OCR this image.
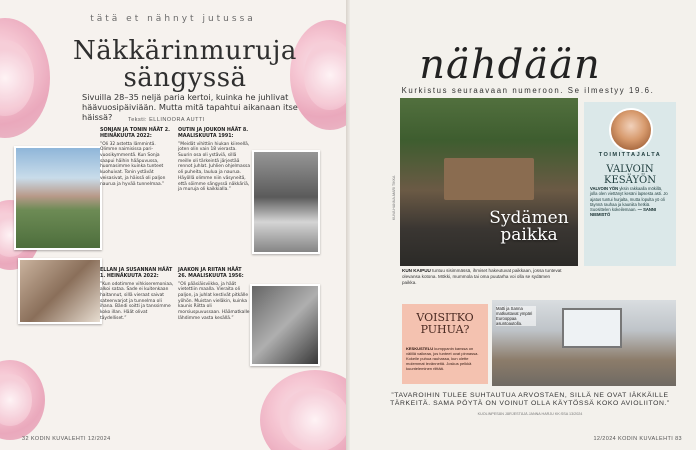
tätä et nähnyt jutussa
Näkkärinmuruja
sängyssä
Sivuilla 28–35 neljä paria kertoi, kuinka he juhlivat häävuosipäiviään. Mutta mitä tapahtui aikanaan itse häissä?	Teksti: ELLINOORA AUTTI
SONJAN JA TONIN HÄÄT 2. HEINÄKUUTA 2022:

”Oli 32 astetta lämmintä. Olimme naimisissa pari-vuosikymmentä. Kun Sonja saapui häihin hääpuvussa, huomasimme kuinka tunteet kuohuivat. Tonin ystävät veisasivat, ja häissä oli paljon naurua ja hyvää tunnelmaa.”

OUTIN JA JOUKON HÄÄT 8. MAALISKUUTA 1991:

”Meidät vihittiin hiukan kiireellä, joten olin vain 18 vierasta. Suurin osa oli ystäviä, sillä meille oli tärkeintä järjestää rennot juhlat. Juhlien ohjelmassa oli puheita, laulua ja naurua. Häyöllä olimme niin väsyneitä, että söimme sängyssä näkkäriä, ja muruja oli kaikkialla.”

ELLAN JA SUSANNAN HÄÄT 1. HEINÄKUUTA 2022:

”Kun odotimme vihkiseremoniaa, alkoi sataa. Sade ei kuitenkaan haitannut, sillä vieraat saivat sateenvarjot ja tunnelma oli ihana. Bändi soitti ja tanssimme koko illan. Häät olivat täydelliset.”

JAAKON JA RIITAN HÄÄT 26. MAALISKUUTA 1956:

”Oli pääsiäisviikko, ja häät vietettiin maalla. Vieraita oli paljon, ja juhlat kestivät pitkälle yöhön. Muistan vieläkin, kuinka kaunis Riitta oli morsiuspuvussaan. Häämatkalle lähdimme vasta kesällä.”

32 KODIN KUVALEHTI 12/2024
nähdään
Kurkistus seuraavaan numeroon. Se ilmestyy 19.6.
KUVA HANNA-MARI TIKKA	Sydämen
paikka
KUN KAIPUU tuntuu sisimmässä, ihmiset hakeutuvat paikkaan, jossa tuntevat olevansa kotona. Mökki, mummola tai oma puutarha voi olla se sydämen paikka.
TOIMITTAJALTA
VALVOIN
KESÄYÖN
VALVOIN YÖN yksin rakkaalla mökillä, jolla olen viettänyt kesäni lapsesta asti. Jo ajatus tuntui hurjalta, mutta lopulta yö oli täynnä rauhaa ja kauniita hetkiä. Suosittelen kokeilemaan. — SANNI NIEMISTÖ
VOISITKO
PUHUA?
KESKUSTELU kumppanin kanssa on välillä vaikeaa, jos tunteet ovat pinnassa. Kokeile puhua rauhassa, kun olette molemmat levänneitä. Joskus pelkkä kuunteleminen riittää.
Matti ja Sanna matkustavat ympäri Eurooppaa asuntoautolla.
”TAVAROIHIN TULEE SUHTAUTUA ARVOSTAEN, SILLÄ NE OVAT IÄKKÄILLE TÄRKEITÄ. SAMA PÖYTÄ ON VOINUT OLLA KÄYTÖSSÄ KOKO AVIOLIITON.”
KUOLINPESÄN JÄRJESTÄJÄ JANNA HARJU KK:SSA 13/2024
12/2024 KODIN KUVALEHTI 83
